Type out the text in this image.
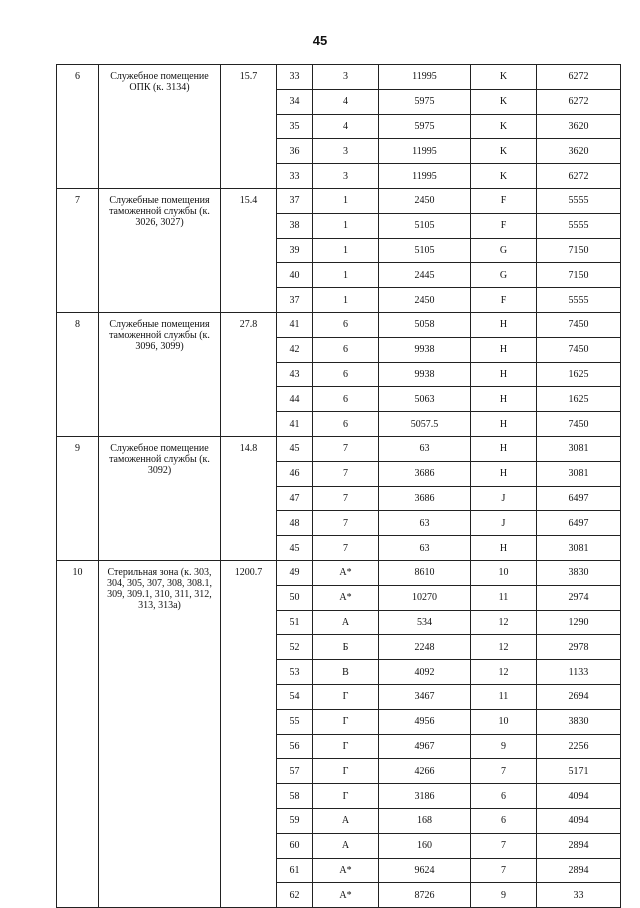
45
6	Служебное помещение ОПК (к. 3134)	15.7	33	3	11995	K	6272
			34	4	5975	K	6272
			35	4	5975	K	3620
			36	3	11995	K	3620
			33	3	11995	K	6272
7	Служебные помещения таможенной службы (к. 3026, 3027)	15.4	37	1	2450	F	5555
			38	1	5105	F	5555
			39	1	5105	G	7150
			40	1	2445	G	7150
			37	1	2450	F	5555
8	Служебные помещения таможенной службы (к. 3096, 3099)	27.8	41	6	5058	H	7450
			42	6	9938	H	7450
			43	6	9938	H	1625
			44	6	5063	H	1625
			41	6	5057.5	H	7450
9	Служебное помещение таможенной службы (к. 3092)	14.8	45	7	63	H	3081
			46	7	3686	H	3081
			47	7	3686	J	6497
			48	7	63	J	6497
			45	7	63	H	3081
10	Стерильная зона (к. 303, 304, 305, 307, 308, 308.1, 309, 309.1, 310, 311, 312, 313, 313а)	1200.7	49	А*	8610	10	3830
			50	А*	10270	11	2974
			51	А	534	12	1290
			52	Б	2248	12	2978
			53	В	4092	12	1133
			54	Г	3467	11	2694
			55	Г	4956	10	3830
			56	Г	4967	9	2256
			57	Г	4266	7	5171
			58	Г	3186	6	4094
			59	А	168	6	4094
			60	А	160	7	2894
			61	А*	9624	7	2894
			62	А*	8726	9	33
